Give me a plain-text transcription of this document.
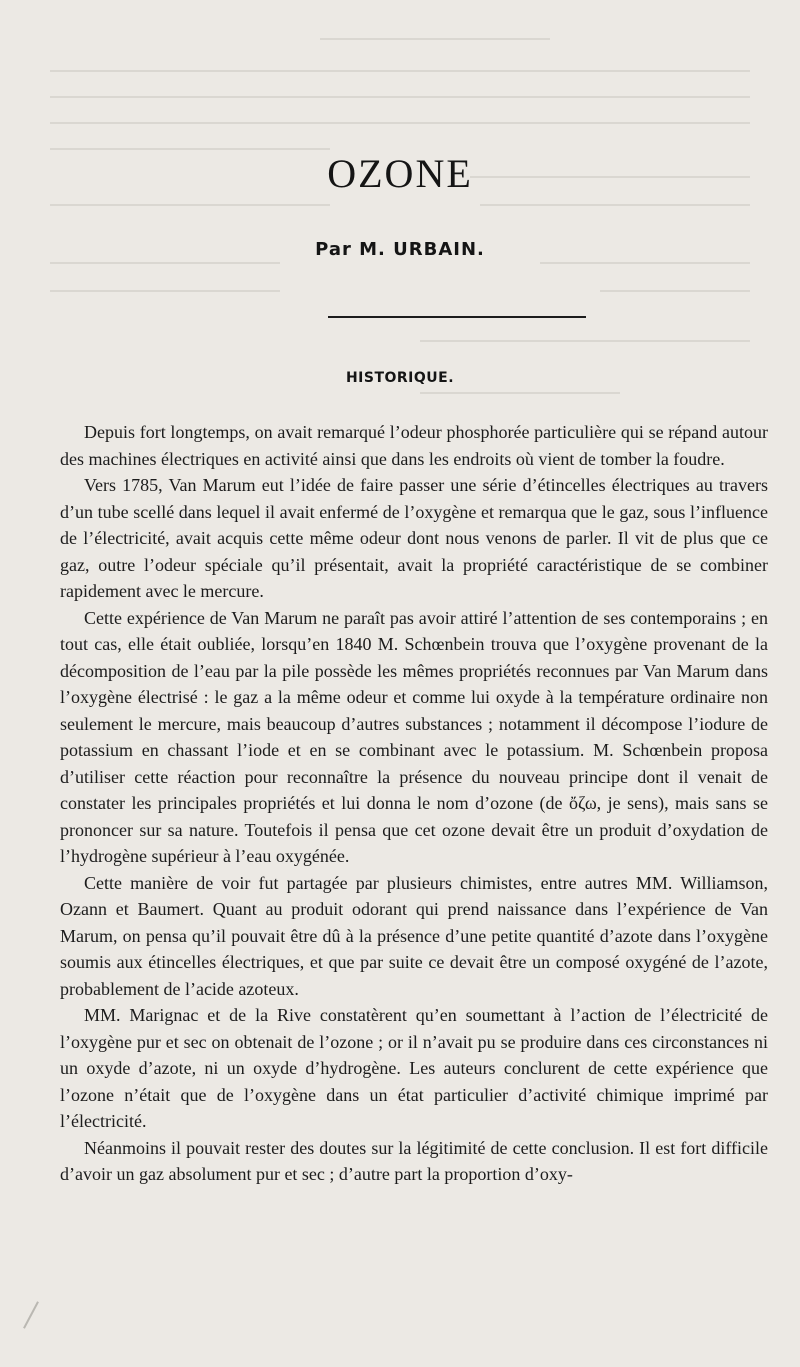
OZONE
Par M. URBAIN.
HISTORIQUE.

Depuis fort longtemps, on avait remarqué l’odeur phosphorée particulière qui se répand autour des machines électriques en activité ainsi que dans les endroits où vient de tomber la foudre.

Vers 1785, Van Marum eut l’idée de faire passer une série d’étincelles électriques au travers d’un tube scellé dans lequel il avait enfermé de l’oxygène et remarqua que le gaz, sous l’influence de l’électricité, avait acquis cette même odeur dont nous venons de parler. Il vit de plus que ce gaz, outre l’odeur spéciale qu’il présentait, avait la propriété caractéristique de se combiner rapidement avec le mercure.

Cette expérience de Van Marum ne paraît pas avoir attiré l’attention de ses contemporains ; en tout cas, elle était oubliée, lorsqu’en 1840 M. Schœnbein trouva que l’oxygène provenant de la décomposition de l’eau par la pile possède les mêmes propriétés reconnues par Van Marum dans l’oxygène électrisé : le gaz a la même odeur et comme lui oxyde à la température ordinaire non seulement le mercure, mais beaucoup d’autres substances ; notamment il décompose l’iodure de potassium en chassant l’iode et en se combinant avec le potassium. M. Schœnbein proposa d’utiliser cette réaction pour reconnaître la présence du nouveau principe dont il venait de constater les principales propriétés et lui donna le nom d’ozone (de ὄζω, je sens), mais sans se prononcer sur sa nature. Toutefois il pensa que cet ozone devait être un produit d’oxydation de l’hydrogène supérieur à l’eau oxygénée.

Cette manière de voir fut partagée par plusieurs chimistes, entre autres MM. Williamson, Ozann et Baumert. Quant au produit odorant qui prend naissance dans l’expérience de Van Marum, on pensa qu’il pouvait être dû à la présence d’une petite quantité d’azote dans l’oxygène soumis aux étincelles électriques, et que par suite ce devait être un composé oxygéné de l’azote, probablement de l’acide azoteux.

MM. Marignac et de la Rive constatèrent qu’en soumettant à l’action de l’électricité de l’oxygène pur et sec on obtenait de l’ozone ; or il n’avait pu se produire dans ces circonstances ni un oxyde d’azote, ni un oxyde d’hydrogène. Les auteurs conclurent de cette expérience que l’ozone n’était que de l’oxygène dans un état particulier d’activité chimique imprimé par l’électricité.

Néanmoins il pouvait rester des doutes sur la légitimité de cette conclusion. Il est fort difficile d’avoir un gaz absolument pur et sec ; d’autre part la proportion d’oxy-
